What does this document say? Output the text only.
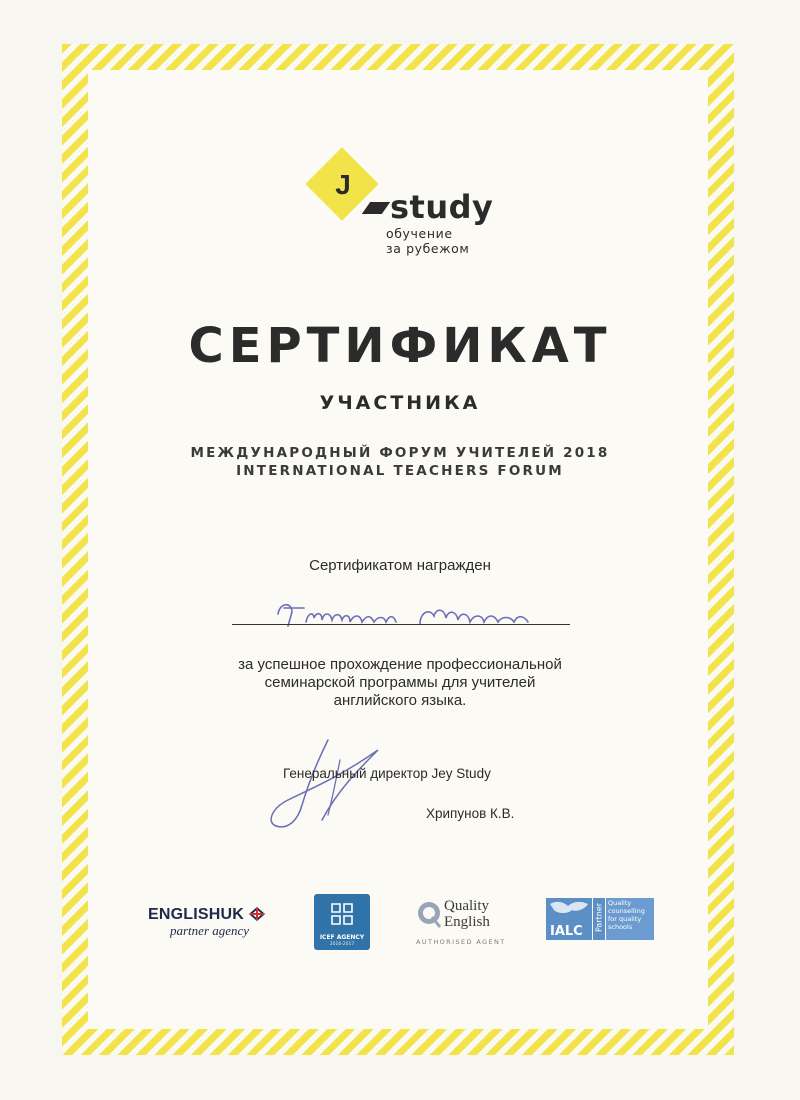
J
study
обучение
за рубежом
СЕРТИФИКАТ
УЧАСТНИКА
МЕЖДУНАРОДНЫЙ ФОРУМ УЧИТЕЛЕЙ 2018
INTERNATIONAL TEACHERS FORUM
Сертификатом награжден
за успешное прохождение профессиональной
семинарской программы для учителей
английского языка.
Генеральный директор Jey Study
Хрипунов К.В.
ENGLISHUK
partner agency	ICEF AGENCY
2016-2017
Quality
English
AUTHORISED AGENT
IALC Partner Quality counselling for quality schools
